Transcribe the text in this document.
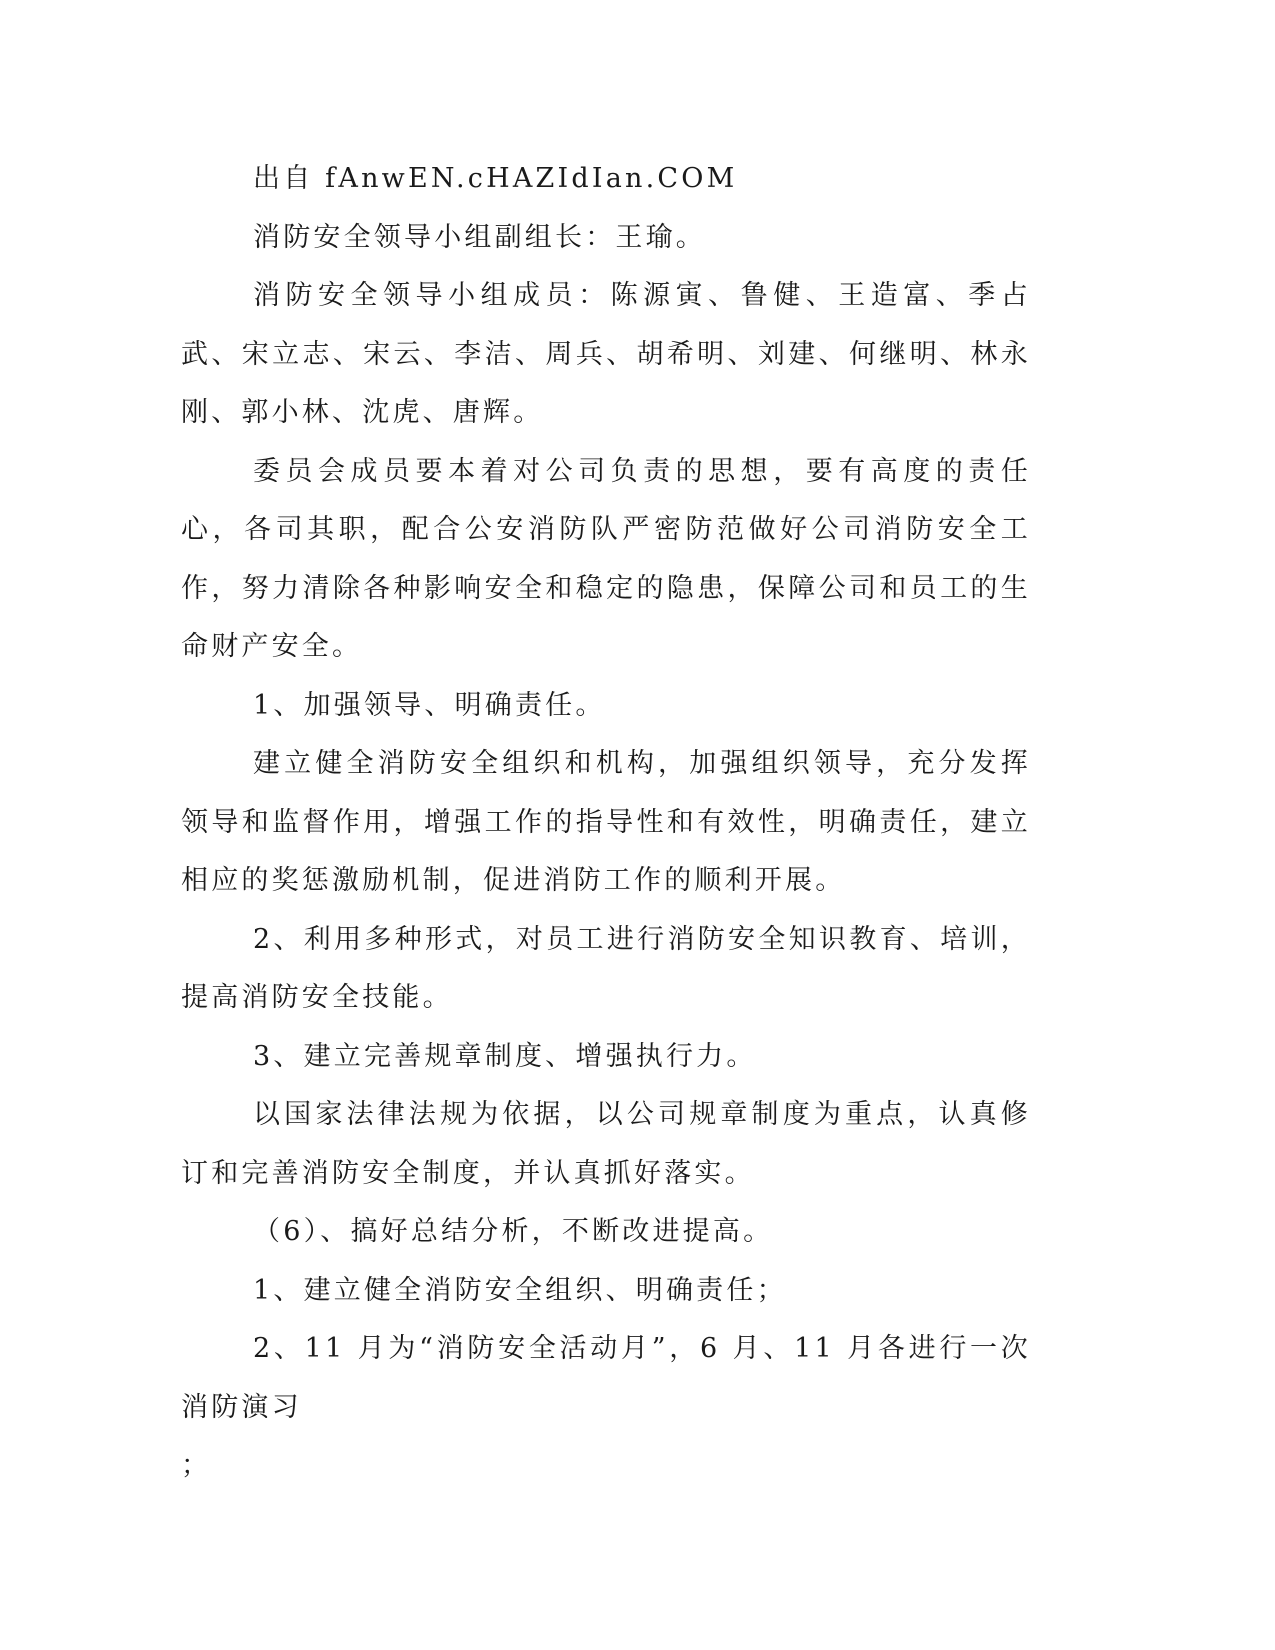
出自 fAnwEN.cHAZIdIan.COM

消防安全领导小组副组长：王瑜。

消防安全领导小组成员：陈源寅、鲁健、王造富、季占武、宋立志、宋云、李洁、周兵、胡希明、刘建、何继明、林永刚、郭小林、沈虎、唐辉。

委员会成员要本着对公司负责的思想，要有高度的责任心，各司其职，配合公安消防队严密防范做好公司消防安全工作，努力清除各种影响安全和稳定的隐患，保障公司和员工的生命财产安全。

1、加强领导、明确责任。

建立健全消防安全组织和机构，加强组织领导，充分发挥领导和监督作用，增强工作的指导性和有效性，明确责任，建立相应的奖惩激励机制，促进消防工作的顺利开展。

2、利用多种形式，对员工进行消防安全知识教育、培训，提高消防安全技能。

3、建立完善规章制度、增强执行力。

以国家法律法规为依据，以公司规章制度为重点，认真修订和完善消防安全制度，并认真抓好落实。

（6）、搞好总结分析，不断改进提高。

1、建立健全消防安全组织、明确责任；

2、11 月为“消防安全活动月”，6 月、11 月各进行一次消防演习

；
